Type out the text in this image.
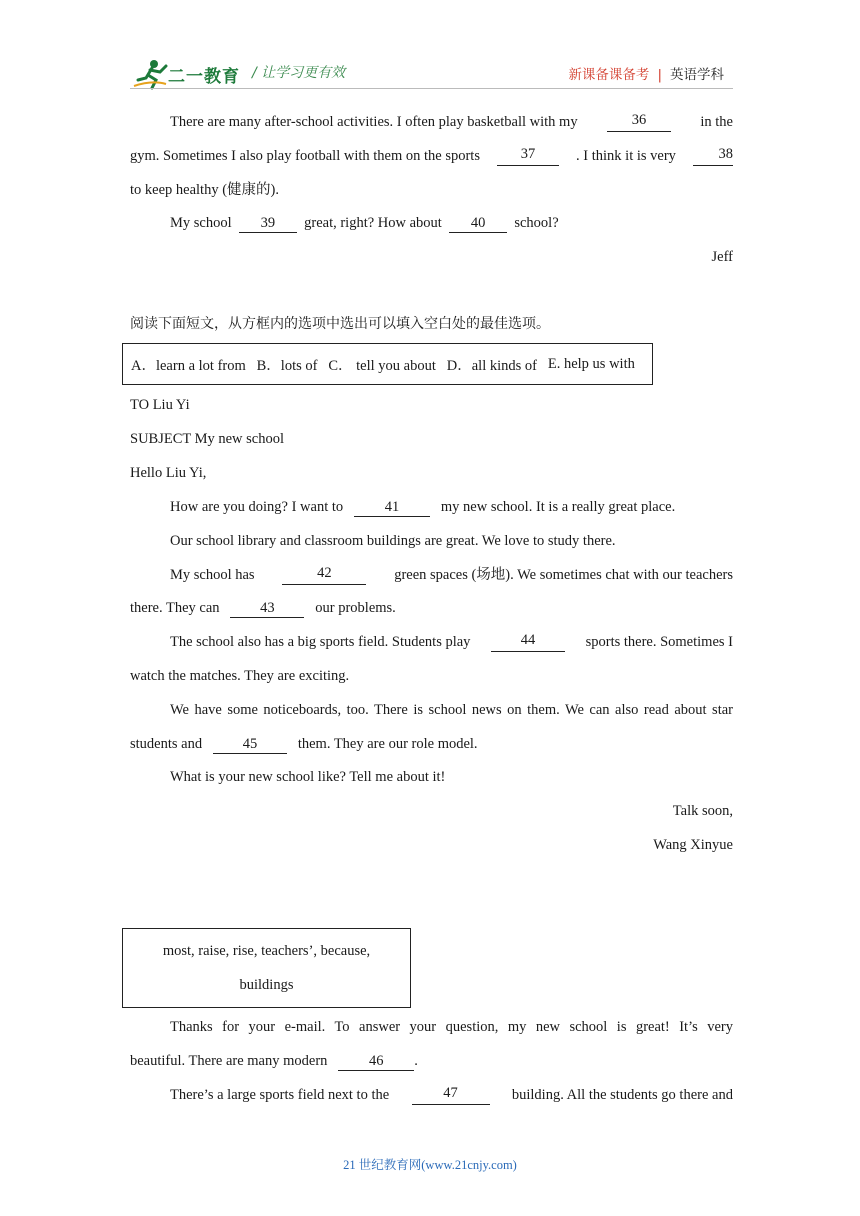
二一教育 / 让学习更有效	新课备课备考 | 英语学科
There are many after-school activities. I often play basketball with my	36	in the
gym. Sometimes I also play football with them on the sports	37	. I think it is very	38
to keep healthy (健康的).
My school 39 great, right? How about 40 school?
Jeff
阅读下面短文，从方框内的选项中选出可以填入空白处的最佳选项。
A．learn a lot from
B．lots of
C． tell you about
D．all kinds of
E. help us with
TO Liu Yi
SUBJECT My new school
Hello Liu Yi,
How are you doing? I want to	41	my new school. It is a really great place.
Our school library and classroom buildings are great. We love to study there.
My school has	42	green spaces (场地). We sometimes chat with our teachers
there. They can	43	our problems.
The school also has a big sports field. Students play	44	sports there. Sometimes I
watch the matches. They are exciting.
We have some noticeboards, too. There is school news on them. We can also read about star
students and	45	them. They are our role model.
What is your new school like? Tell me about it!
Talk soon,
Wang Xinyue
most, raise, rise, teachers’, because,
buildings
Thanks for your e-mail. To answer your question, my new school is great! It’s very
beautiful. There are many modern	46 .
There’s a large sports field next to the	47	building. All the students go there and
21 世纪教育网(www.21cnjy.com)
